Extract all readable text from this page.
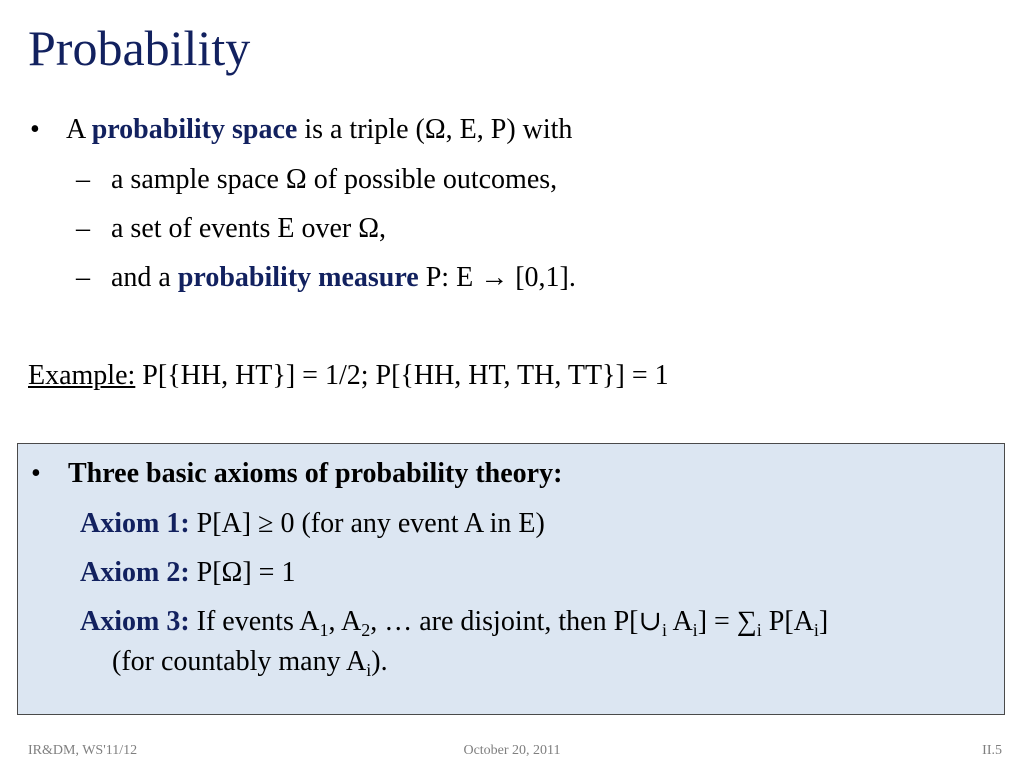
Probability
• A probability space is a triple (Ω, E, P) with
– a sample space Ω of possible outcomes,
– a set of events E over Ω,
– and a probability measure P: E → [0,1].
Example: P[{HH, HT}] = 1/2; P[{HH, HT, TH, TT}] = 1
• Three basic axioms of probability theory:
Axiom 1: P[A] ≥ 0 (for any event A in E)
Axiom 2: P[Ω] = 1
Axiom 3: If events $A_1$, $A_2$, … are disjoint, then $P[\cup_i$ $A_i] = \sum_i$ $P[A_i]$
(for countably many $A_i$).
IR&DM, WS'11/12	October 20, 2011	II.5
